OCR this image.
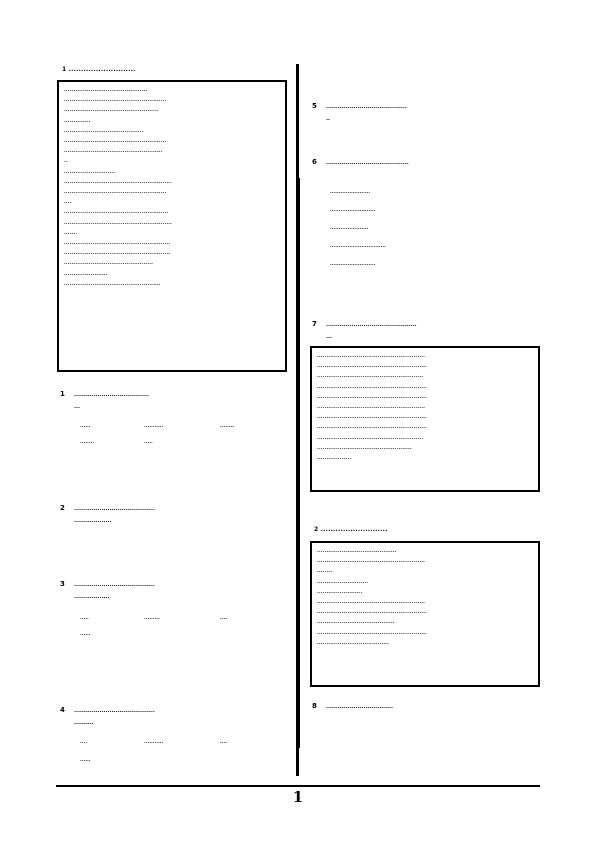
1 ...........................
............................................
......................................................
..................................................
..............
..........................................
......................................................
....................................................
..
...........................
.........................................................
......................................................
....
.......................................................
.........................................................
.......
........................................................
........................................................
...............................................
.......................
...................................................
1 ......................................
...
......	...........	........
........	.....
2 .........................................
...................
3 .........................................
..................
.....	.........	....
......
4 .........................................
..........
....	...........	....
......
5 .........................................
..
6 ..........................................
.......................
..........................
......................
................................
..........................
7 ..............................................
...
.........................................................
..........................................................
........................................................
..........................................................
..........................................................
.........................................................
..........................................................
..........................................................
........................................................
..................................................
..................
2 ...........................
..........................................
.........................................................
........
...........................
........................
.........................................................
..........................................................
.........................................
..........................................................
......................................
8 ..................................
1
